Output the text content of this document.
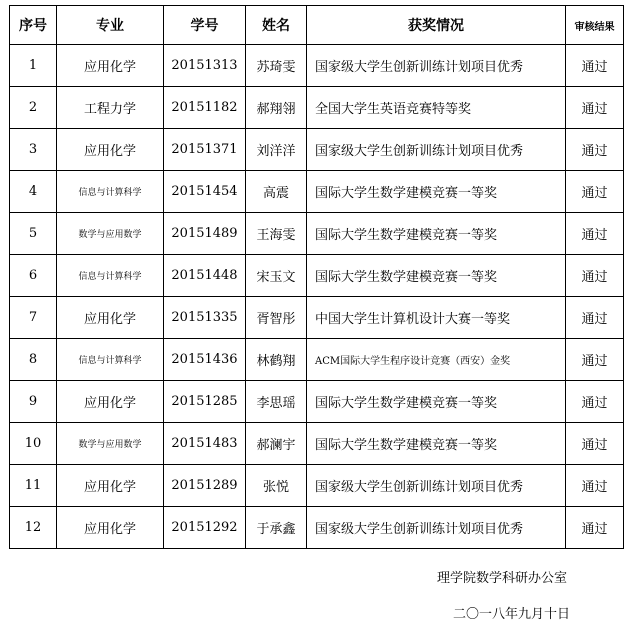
序号	专业	学号	姓名	获奖情况	审核结果
1	应用化学	20151313	苏琦雯	国家级大学生创新训练计划项目优秀	通过
2	工程力学	20151182	郝翔翎	全国大学生英语竞赛特等奖	通过
3	应用化学	20151371	刘洋洋	国家级大学生创新训练计划项目优秀	通过
4	信息与计算科学	20151454	高震	国际大学生数学建模竞赛一等奖	通过
5	数学与应用数学	20151489	王海雯	国际大学生数学建模竞赛一等奖	通过
6	信息与计算科学	20151448	宋玉文	国际大学生数学建模竞赛一等奖	通过
7	应用化学	20151335	胥智彤	中国大学生计算机设计大赛一等奖	通过
8	信息与计算科学	20151436	林鹤翔	ACM国际大学生程序设计竞赛（西安）金奖	通过
9	应用化学	20151285	李思瑶	国际大学生数学建模竞赛一等奖	通过
10	数学与应用数学	20151483	郝澜宇	国际大学生数学建模竞赛一等奖	通过
11	应用化学	20151289	张悦	国家级大学生创新训练计划项目优秀	通过
12	应用化学	20151292	于承鑫	国家级大学生创新训练计划项目优秀	通过
理学院数学科研办公室
二〇一八年九月十日
